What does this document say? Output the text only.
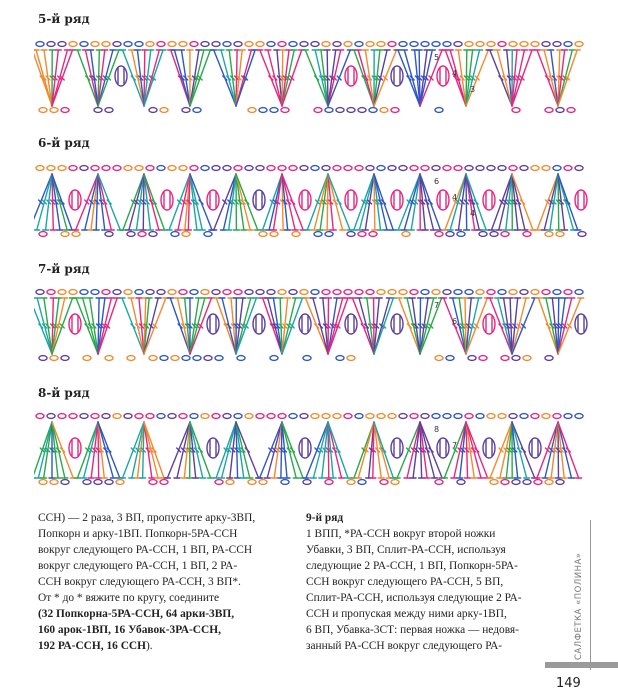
5-й ряд
5
4
3
6-й ряд
6
4
4
7-й ряд
7
6
8-й ряд
8
7

ССН) — 2 раза, 3 ВП, пропустите арку-3ВП,

Попкорн и арку-1ВП. Попкорн-5РА-ССН

вокруг следующего РА-ССН, 1 ВП, РА-ССН

вокруг следующего РА-ССН, 1 ВП, 2 РА-

ССН вокруг следующего РА-ССН, 3 ВП*.

От * до * вяжите по кругу, соедините

(32 Попкорна-5РА-ССН, 64 арки-3ВП,

160 арок-1ВП, 16 Убавок-3РА-ССН,

192 РА-ССН, 16 ССН).

9-й ряд

1 ВПП, *РА-ССН вокруг второй ножки

Убавки, 3 ВП, Сплит-РА-ССН, используя

следующие 2 РА-ССН, 1 ВП, Попкорн-5РА-

ССН вокруг следующего РА-ССН, 5 ВП,

Сплит-РА-ССН, используя следующие 2 РА-

ССН и пропуская между ними арку-1ВП,

6 ВП, Убавка-3СТ: первая ножка — недовя-

занный РА-ССН вокруг следующего РА-	САЛФЕТКА «ПОЛИНА»
149
